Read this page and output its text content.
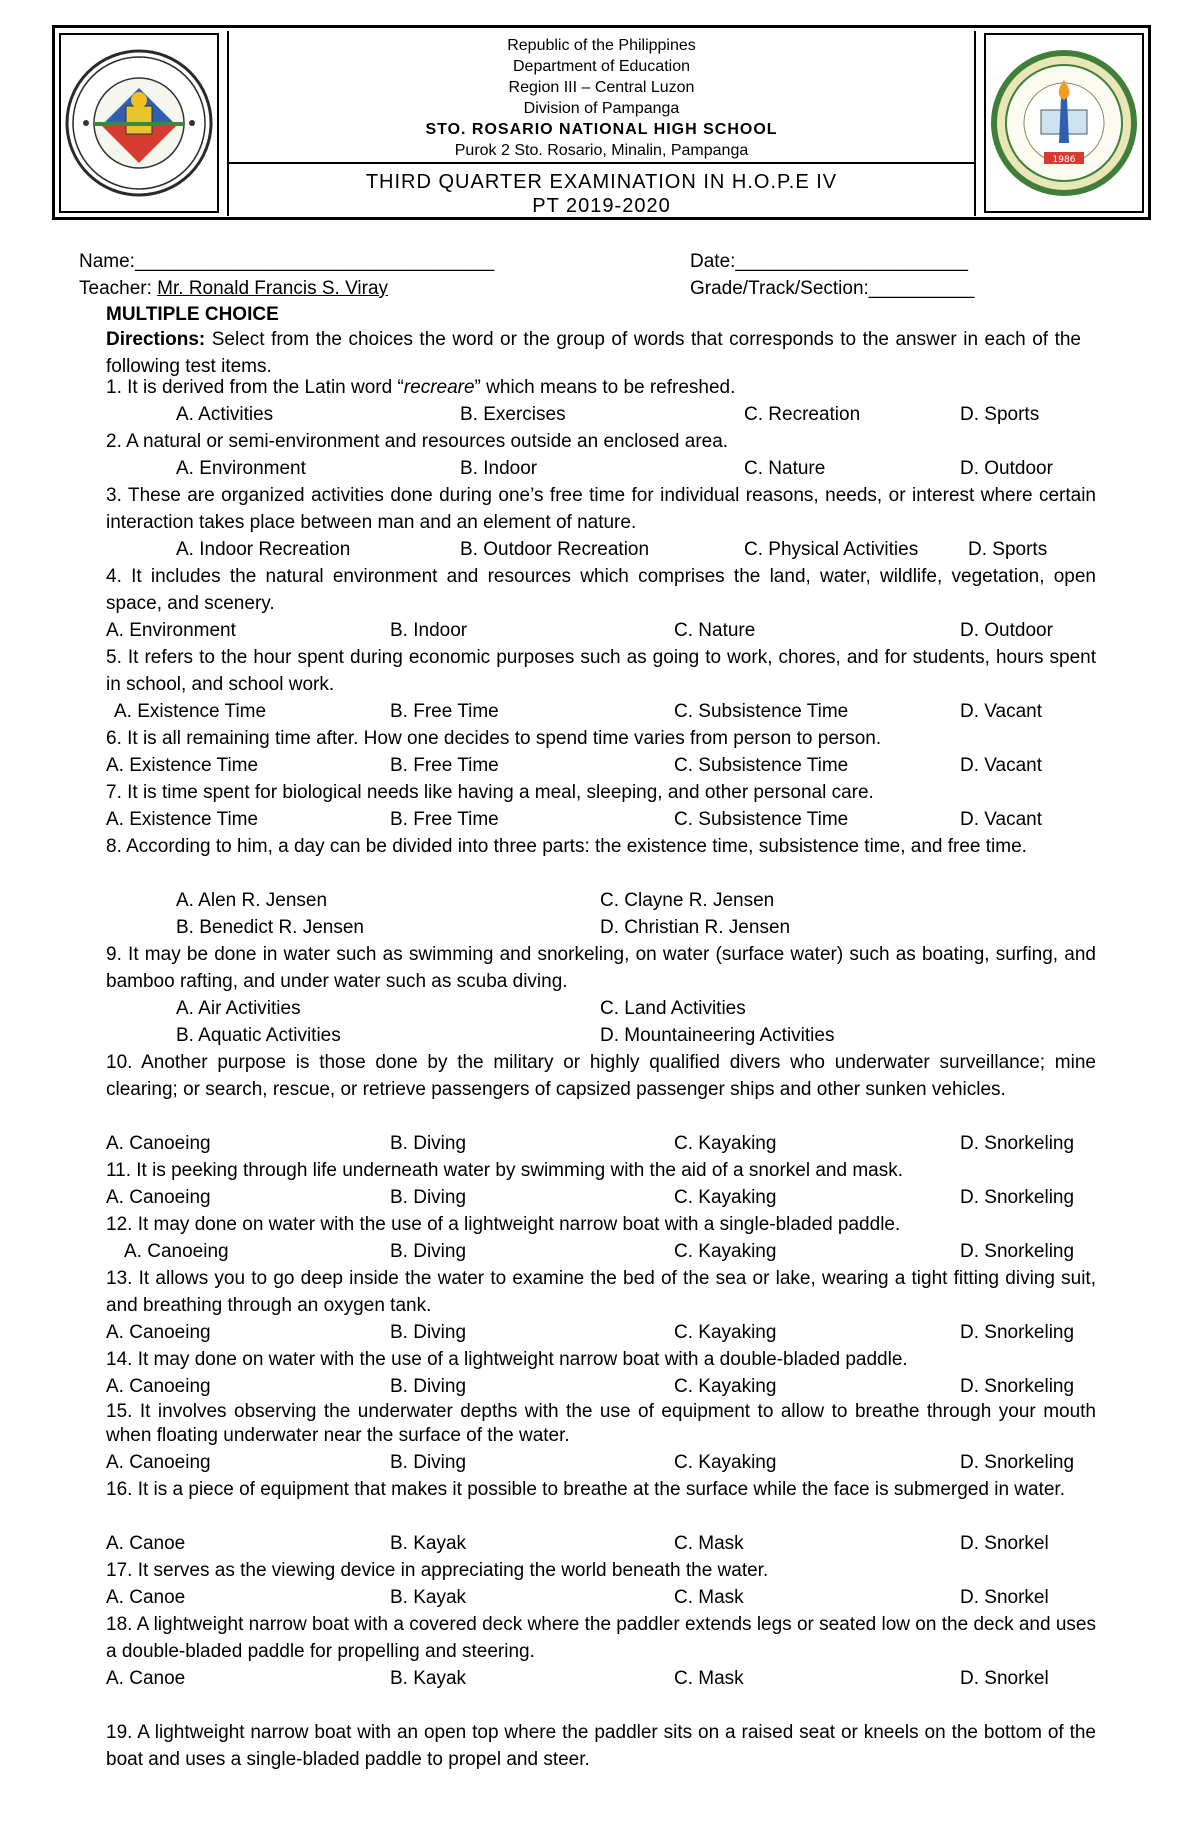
Republic of the Philippines
Department of Education
Region III – Central Luzon
Division of Pampanga
STO. ROSARIO NATIONAL HIGH SCHOOL
Purok 2 Sto. Rosario, Minalin, Pampanga
THIRD QUARTER EXAMINATION IN H.O.P.E IV
PT 2019-2020
1986
Name:__________________________________	Date:______________________
Teacher: Mr. Ronald Francis S. Viray	Grade/Track/Section:__________
MULTIPLE CHOICE
Directions: Select from the choices the word or the group of words that corresponds to the answer in each of the following test items.
1. It is derived from the Latin word “recreare” which means to be refreshed.
A. Activities	B. Exercises	C. Recreation	D. Sports
2. A natural or semi-environment and resources outside an enclosed area.
A. Environment	B. Indoor	C. Nature	D. Outdoor
3. These are organized activities done during one’s free time for individual reasons, needs, or interest where certain interaction takes place between man and an element of nature.
A. Indoor Recreation	B. Outdoor Recreation	C. Physical Activities	D. Sports
4. It includes the natural environment and resources which comprises the land, water, wildlife, vegetation, open space, and scenery.
A. Environment	B. Indoor	C. Nature	D. Outdoor
5. It refers to the hour spent during economic purposes such as going to work, chores, and for students, hours spent in school, and school work.
A. Existence Time	B. Free Time	C. Subsistence Time	D. Vacant
6. It is all remaining time after. How one decides to spend time varies from person to person.
A. Existence Time	B. Free Time	C. Subsistence Time	D. Vacant
7. It is time spent for biological needs like having a meal, sleeping, and other personal care.
A. Existence Time	B. Free Time	C. Subsistence Time	D. Vacant
8. According to him, a day can be divided into three parts: the existence time, subsistence time, and free time.
A. Alen R. Jensen	C. Clayne R. Jensen
B. Benedict R. Jensen	D. Christian R. Jensen
9. It may be done in water such as swimming and snorkeling, on water (surface water) such as boating, surfing, and bamboo rafting, and under water such as scuba diving.
A. Air Activities	C. Land Activities
B. Aquatic Activities	D. Mountaineering Activities
10. Another purpose is those done by the military or highly qualified divers who underwater surveillance; mine clearing; or search, rescue, or retrieve passengers of capsized passenger ships and other sunken vehicles.
A. Canoeing	B. Diving	C. Kayaking	D. Snorkeling
11. It is peeking through life underneath water by swimming with the aid of a snorkel and mask.
A. Canoeing	B. Diving	C. Kayaking	D. Snorkeling
12. It may done on water with the use of a lightweight narrow boat with a single-bladed paddle.
A. Canoeing	B. Diving	C. Kayaking	D. Snorkeling
13. It allows you to go deep inside the water to examine the bed of the sea or lake, wearing a tight fitting diving suit, and breathing through an oxygen tank.
A. Canoeing	B. Diving	C. Kayaking	D. Snorkeling
14. It may done on water with the use of a lightweight narrow boat with a double-bladed paddle.
A. Canoeing	B. Diving	C. Kayaking	D. Snorkeling
15. It involves observing the underwater depths with the use of equipment to allow to breathe through your mouth when floating underwater near the surface of the water.
A. Canoeing	B. Diving	C. Kayaking	D. Snorkeling
16. It is a piece of equipment that makes it possible to breathe at the surface while the face is submerged in water.
A. Canoe	B. Kayak	C. Mask	D. Snorkel
17. It serves as the viewing device in appreciating the world beneath the water.
A. Canoe	B. Kayak	C. Mask	D. Snorkel
18. A lightweight narrow boat with a covered deck where the paddler extends legs or seated low on the deck and uses a double-bladed paddle for propelling and steering.
A. Canoe	B. Kayak	C. Mask	D. Snorkel
19. A lightweight narrow boat with an open top where the paddler sits on a raised seat or kneels on the bottom of the boat and uses a single-bladed paddle to propel and steer.
